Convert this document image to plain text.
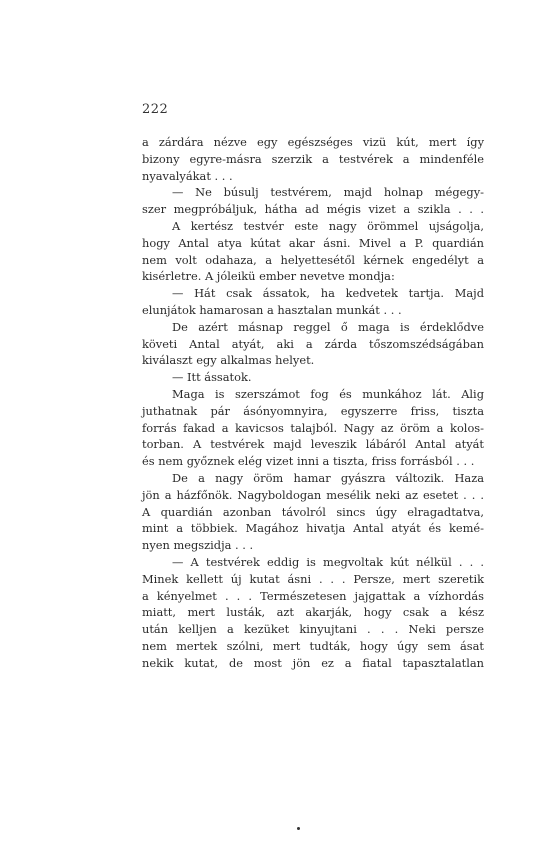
222
a zárdára nézve egy egészséges vizü kút, mert így
bizony egyre-másra szerzik a testvérek a mindenféle
nyavalyákat . . .
— Ne búsulj testvérem, majd holnap mégegy-
szer megpróbáljuk, hátha ad mégis vizet a szikla . . .
A kertész testvér este nagy örömmel ujságolja,
hogy Antal atya kútat akar ásni. Mivel a P. quardián
nem volt odahaza, a helyettesétől kérnek engedélyt a
kisérletre. A jóleikü ember nevetve mondja:
— Hát csak ássatok, ha kedvetek tartja. Majd
elunjátok hamarosan a hasztalan munkát . . .
De azért másnap reggel ő maga is érdeklődve
követi Antal atyát, aki a zárda tőszomszédságában
kiválaszt egy alkalmas helyet.
— Itt ássatok.
Maga is szerszámot fog és munkához lát. Alig
juthatnak pár ásónyomnyira, egyszerre friss, tiszta
forrás fakad a kavicsos talajból. Nagy az öröm a kolos-
torban. A testvérek majd leveszik lábáról Antal atyát
és nem győznek elég vizet inni a tiszta, friss forrásból . . .
De a nagy öröm hamar gyászra változik. Haza
jön a házfőnök. Nagyboldogan mesélik neki az esetet . . .
A quardián azonban távolról sincs úgy elragadtatva,
mint a többiek. Magához hivatja Antal atyát és kemé-
nyen megszidja . . .
— A testvérek eddig is megvoltak kút nélkül . . .
Minek kellett új kutat ásni . . . Persze, mert szeretik
a kényelmet . . . Természetesen jajgattak a vízhordás
miatt, mert lusták, azt akarják, hogy csak a kész
után kelljen a kezüket kinyujtani . . . Neki persze
nem mertek szólni, mert tudták, hogy úgy sem ásat
nekik kutat, de most jön ez a fiatal tapasztalatlan
